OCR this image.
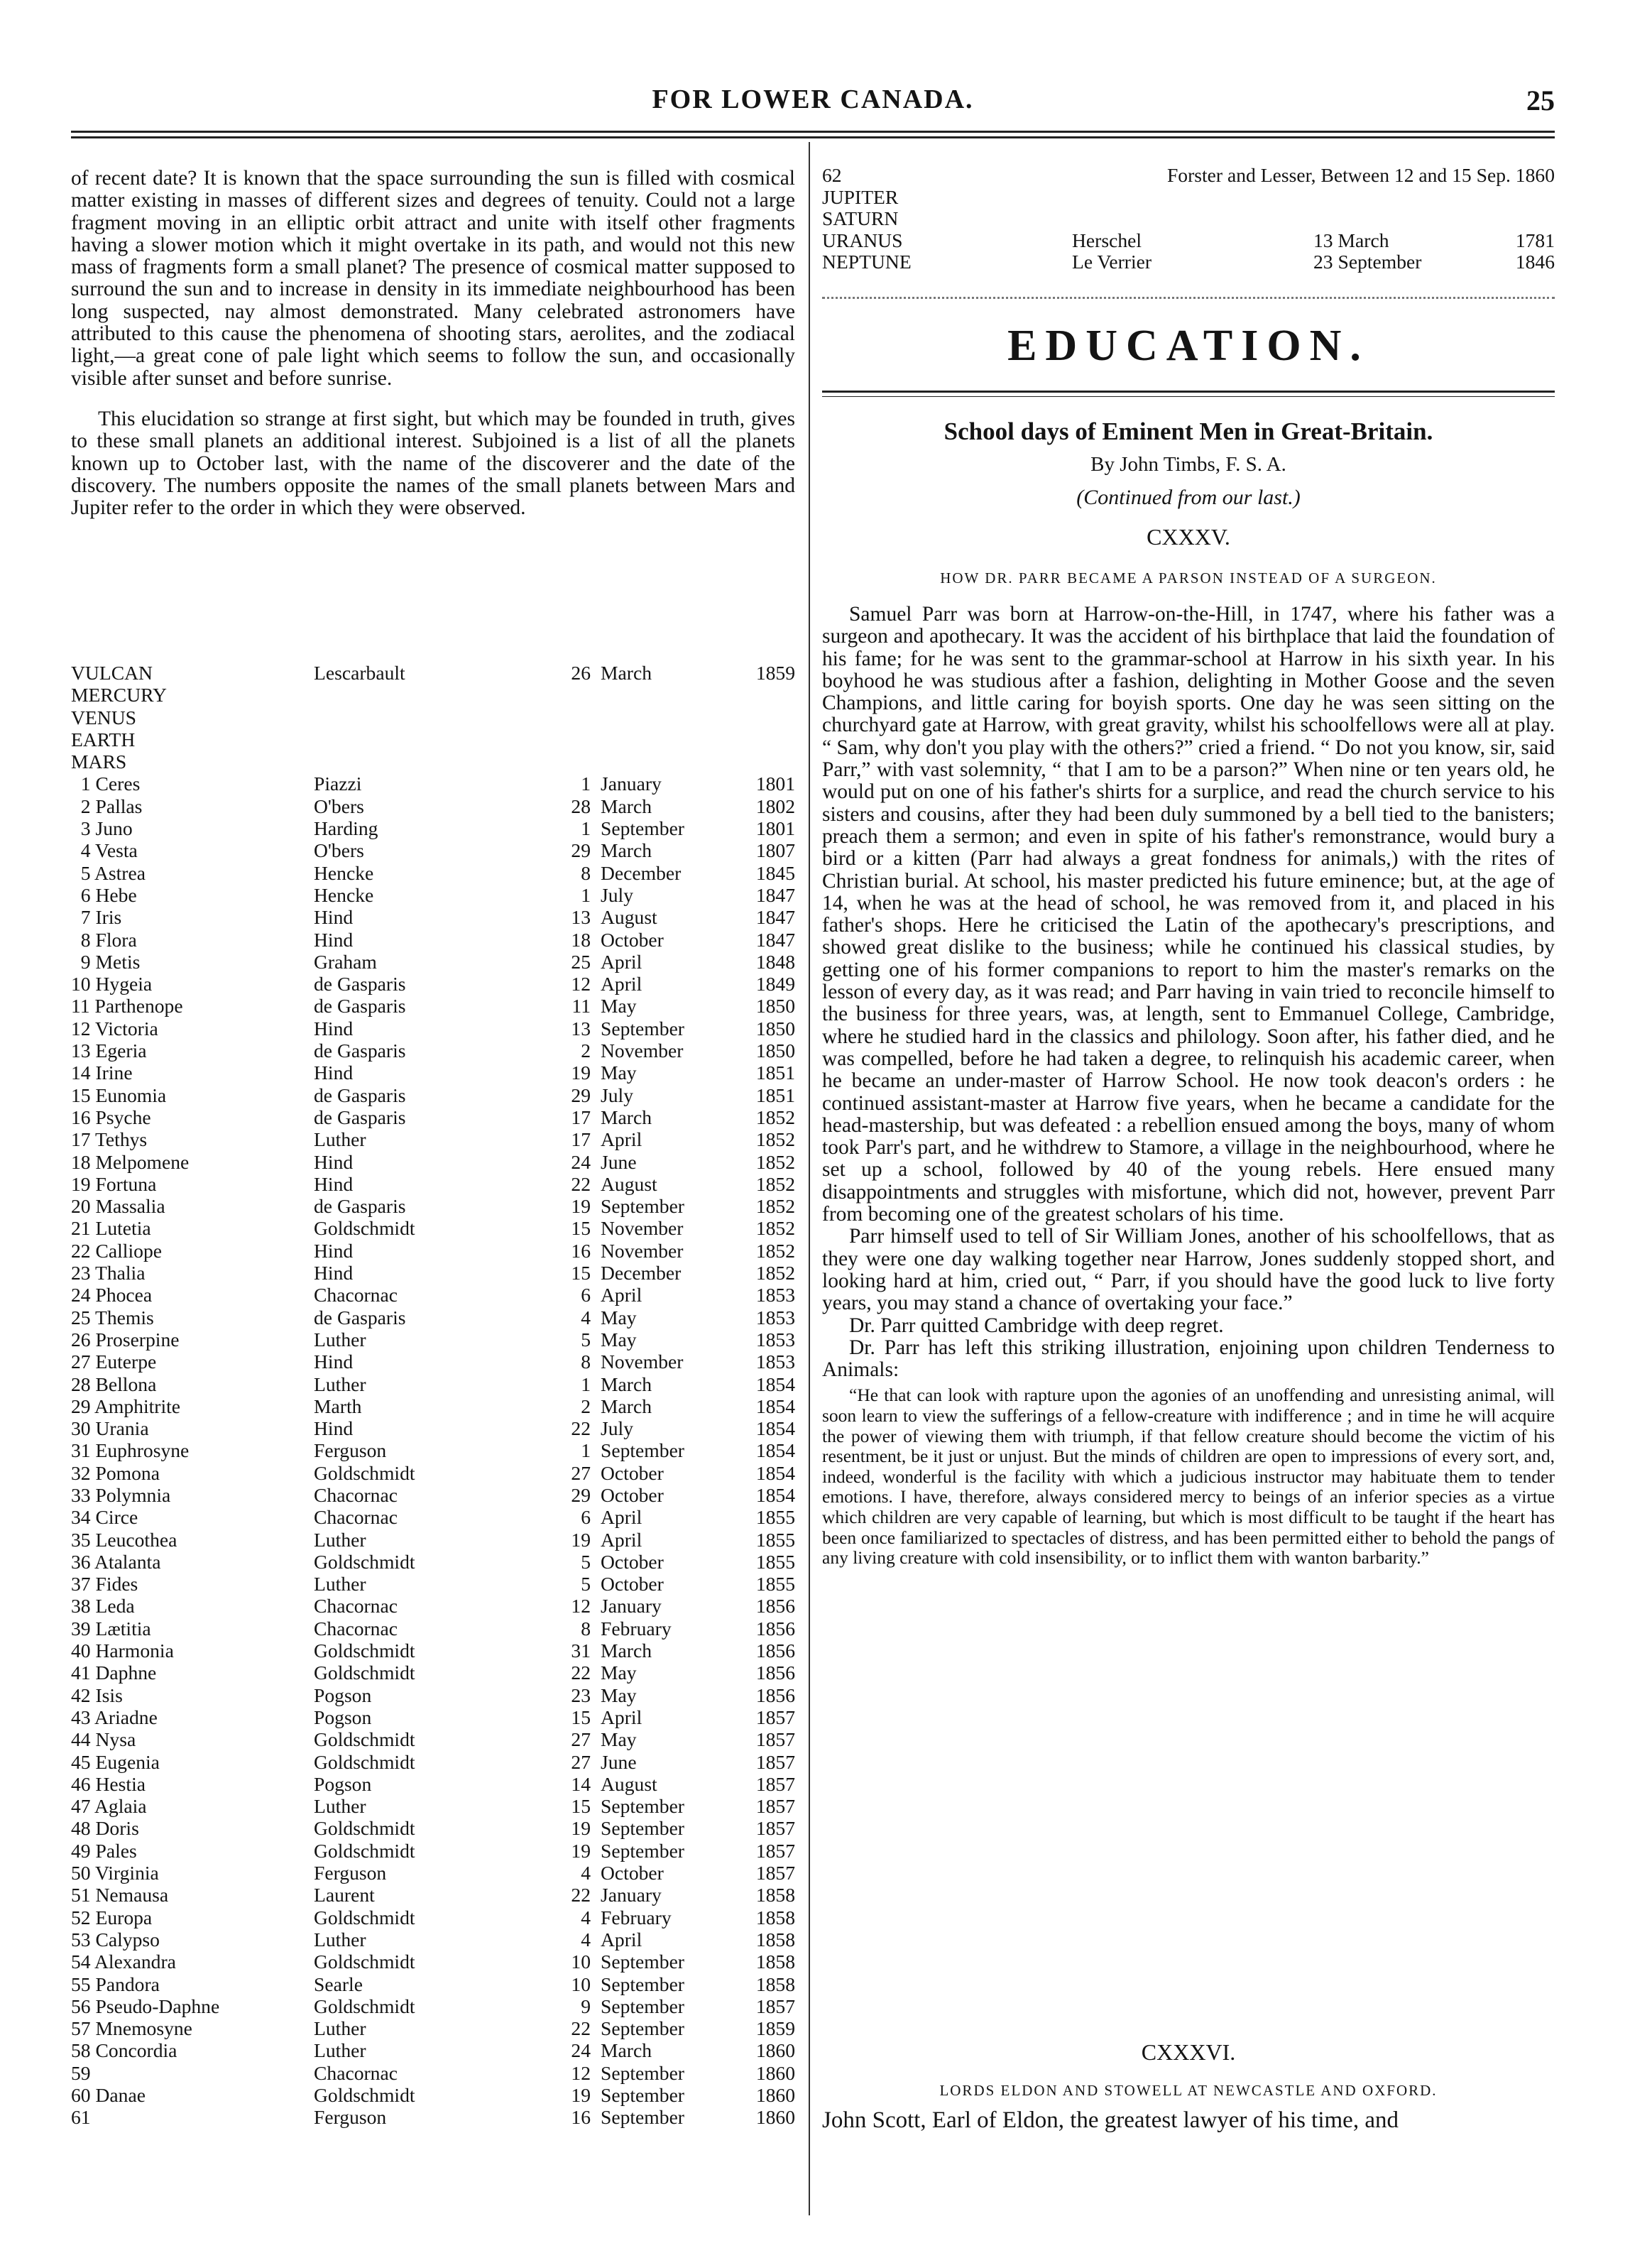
FOR LOWER CANADA.	25

of recent date? It is known that the space surrounding the sun is filled with cosmical matter existing in masses of different sizes and degrees of tenuity. Could not a large fragment moving in an elliptic orbit attract and unite with itself other fragments having a slower motion which it might overtake in its path, and would not this new mass of fragments form a small planet? The presence of cosmical matter supposed to surround the sun and to increase in density in its immediate neighbourhood has been long suspected, nay almost demonstrated. Many celebrated astronomers have attributed to this cause the phenomena of shooting stars, aerolites, and the zodiacal light,—a great cone of pale light which seems to follow the sun, and occasionally visible after sunset and before sunrise.

This elucidation so strange at first sight, but which may be founded in truth, gives to these small planets an additional interest. Subjoined is a list of all the planets known up to October last, with the name of the discoverer and the date of the discovery. The numbers opposite the names of the small planets between Mars and Jupiter refer to the order in which they were observed.

VULCAN	Lescarbault	26	March	1859
MERCURY				
VENUS				
EARTH				
MARS				
 1 Ceres	Piazzi	1	January	1801
 2 Pallas	O'bers	28	March	1802
 3 Juno	Harding	1	September	1801
 4 Vesta	O'bers	29	March	1807
 5 Astrea	Hencke	8	December	1845
 6 Hebe	Hencke	1	July	1847
 7 Iris	Hind	13	August	1847
 8 Flora	Hind	18	October	1847
 9 Metis	Graham	25	April	1848
10 Hygeia	de Gasparis	12	April	1849
11 Parthenope	de Gasparis	11	May	1850
12 Victoria	Hind	13	September	1850
13 Egeria	de Gasparis	2	November	1850
14 Irine	Hind	19	May	1851
15 Eunomia	de Gasparis	29	July	1851
16 Psyche	de Gasparis	17	March	1852
17 Tethys	Luther	17	April	1852
18 Melpomene	Hind	24	June	1852
19 Fortuna	Hind	22	August	1852
20 Massalia	de Gasparis	19	September	1852
21 Lutetia	Goldschmidt	15	November	1852
22 Calliope	Hind	16	November	1852
23 Thalia	Hind	15	December	1852
24 Phocea	Chacornac	6	April	1853
25 Themis	de Gasparis	4	May	1853
26 Proserpine	Luther	5	May	1853
27 Euterpe	Hind	8	November	1853
28 Bellona	Luther	1	March	1854
29 Amphitrite	Marth	2	March	1854
30 Urania	Hind	22	July	1854
31 Euphrosyne	Ferguson	1	September	1854
32 Pomona	Goldschmidt	27	October	1854
33 Polymnia	Chacornac	29	October	1854
34 Circe	Chacornac	6	April	1855
35 Leucothea	Luther	19	April	1855
36 Atalanta	Goldschmidt	5	October	1855
37 Fides	Luther	5	October	1855
38 Leda	Chacornac	12	January	1856
39 Lætitia	Chacornac	8	February	1856
40 Harmonia	Goldschmidt	31	March	1856
41 Daphne	Goldschmidt	22	May	1856
42 Isis	Pogson	23	May	1856
43 Ariadne	Pogson	15	April	1857
44 Nysa	Goldschmidt	27	May	1857
45 Eugenia	Goldschmidt	27	June	1857
46 Hestia	Pogson	14	August	1857
47 Aglaia	Luther	15	September	1857
48 Doris	Goldschmidt	19	September	1857
49 Pales	Goldschmidt	19	September	1857
50 Virginia	Ferguson	4	October	1857
51 Nemausa	Laurent	22	January	1858
52 Europa	Goldschmidt	4	February	1858
53 Calypso	Luther	4	April	1858
54 Alexandra	Goldschmidt	10	September	1858
55 Pandora	Searle	10	September	1858
56 Pseudo-Daphne	Goldschmidt	9	September	1857
57 Mnemosyne	Luther	22	September	1859
58 Concordia	Luther	24	March	1860
59	Chacornac	12	September	1860
60 Danae	Goldschmidt	19	September	1860
61	Ferguson	16	September	1860
62	Forster and Lesser, Between 12 and 15 Sep. 1860		
JUPITER			
SATURN			
URANUS	Herschel	13 March	1781
NEPTUNE	Le Verrier	23 September	1846
EDUCATION.
School days of Eminent Men in Great-Britain.
By John Timbs, F. S. A.
(Continued from our last.)
CXXXV.
HOW DR. PARR BECAME A PARSON INSTEAD OF A SURGEON.

Samuel Parr was born at Harrow-on-the-Hill, in 1747, where his father was a surgeon and apothecary. It was the accident of his birthplace that laid the foundation of his fame; for he was sent to the grammar-school at Harrow in his sixth year. In his boyhood he was studious after a fashion, delighting in Mother Goose and the seven Champions, and little caring for boyish sports. One day he was seen sitting on the churchyard gate at Harrow, with great gravity, whilst his schoolfellows were all at play. “ Sam, why don't you play with the others?” cried a friend. “ Do not you know, sir, said Parr,” with vast solemnity, “ that I am to be a parson?” When nine or ten years old, he would put on one of his father's shirts for a surplice, and read the church service to his sisters and cousins, after they had been duly summoned by a bell tied to the banisters; preach them a sermon; and even in spite of his father's remonstrance, would bury a bird or a kitten (Parr had always a great fondness for animals,) with the rites of Christian burial. At school, his master predicted his future eminence; but, at the age of 14, when he was at the head of school, he was removed from it, and placed in his father's shops. Here he criticised the Latin of the apothecary's prescriptions, and showed great dislike to the business; while he continued his classical studies, by getting one of his former companions to report to him the master's remarks on the lesson of every day, as it was read; and Parr having in vain tried to reconcile himself to the business for three years, was, at length, sent to Emmanuel College, Cambridge, where he studied hard in the classics and philology. Soon after, his father died, and he was compelled, before he had taken a degree, to relinquish his academic career, when he became an under-master of Harrow School. He now took deacon's orders : he continued assistant-master at Harrow five years, when he became a candidate for the head-mastership, but was defeated : a rebellion ensued among the boys, many of whom took Parr's part, and he withdrew to Stamore, a village in the neighbourhood, where he set up a school, followed by 40 of the young rebels. Here ensued many disappointments and struggles with misfortune, which did not, however, prevent Parr from becoming one of the greatest scholars of his time.

Parr himself used to tell of Sir William Jones, another of his schoolfellows, that as they were one day walking together near Harrow, Jones suddenly stopped short, and looking hard at him, cried out, “ Parr, if you should have the good luck to live forty years, you may stand a chance of overtaking your face.”

Dr. Parr quitted Cambridge with deep regret.

Dr. Parr has left this striking illustration, enjoining upon children Tenderness to Animals:

“He that can look with rapture upon the agonies of an unoffending and unresisting animal, will soon learn to view the sufferings of a fellow-creature with indifference ; and in time he will acquire the power of viewing them with triumph, if that fellow creature should become the victim of his resentment, be it just or unjust. But the minds of children are open to impressions of every sort, and, indeed, wonderful is the facility with which a judicious instructor may habituate them to tender emotions. I have, therefore, always considered mercy to beings of an inferior species as a virtue which children are very capable of learning, but which is most difficult to be taught if the heart has been once familiarized to spectacles of distress, and has been permitted either to behold the pangs of any living creature with cold insensibility, or to inflict them with wanton barbarity.”

CXXXVI.
LORDS ELDON AND STOWELL AT NEWCASTLE AND OXFORD.
John Scott, Earl of Eldon, the greatest lawyer of his time, and
